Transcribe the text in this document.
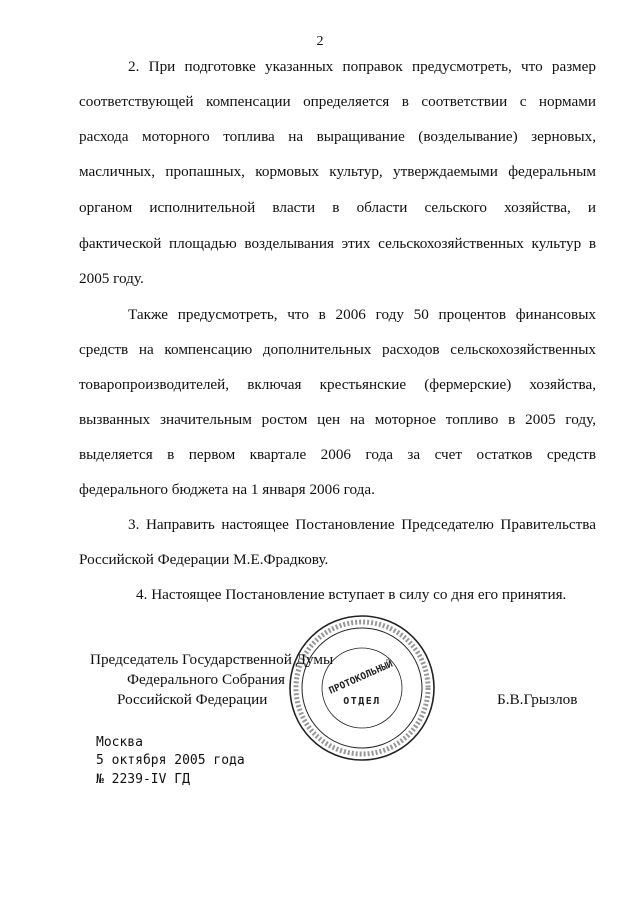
2
2. При подготовке указанных поправок предусмотреть, что размер
соответствующей компенсации определяется в соответствии с нормами
расхода моторного топлива на выращивание (возделывание) зерновых,
масличных, пропашных, кормовых культур, утверждаемыми федеральным
органом исполнительной власти в области сельского хозяйства, и
фактической площадью возделывания этих сельскохозяйственных культур в
2005 году.
Также предусмотреть, что в 2006 году 50 процентов финансовых
средств на компенсацию дополнительных расходов сельскохозяйственных
товаропроизводителей, включая крестьянские (фермерские) хозяйства,
вызванных значительным ростом цен на моторное топливо в 2005 году,
выделяется в первом квартале 2006 года за счет остатков средств
федерального бюджета на 1 января 2006 года.
3. Направить настоящее Постановление Председателю Правительства
Российской Федерации М.Е.Фрадкову.
4. Настоящее Постановление вступает в силу со дня его принятия.
ПРОТОКОЛЬНЫЙ
ОТДЕЛ
Председатель Государственной Думы
Федерального Собрания
Российской Федерации	Б.В.Грызлов
Москва
5 октября 2005 года
№ 2239-IV ГД
